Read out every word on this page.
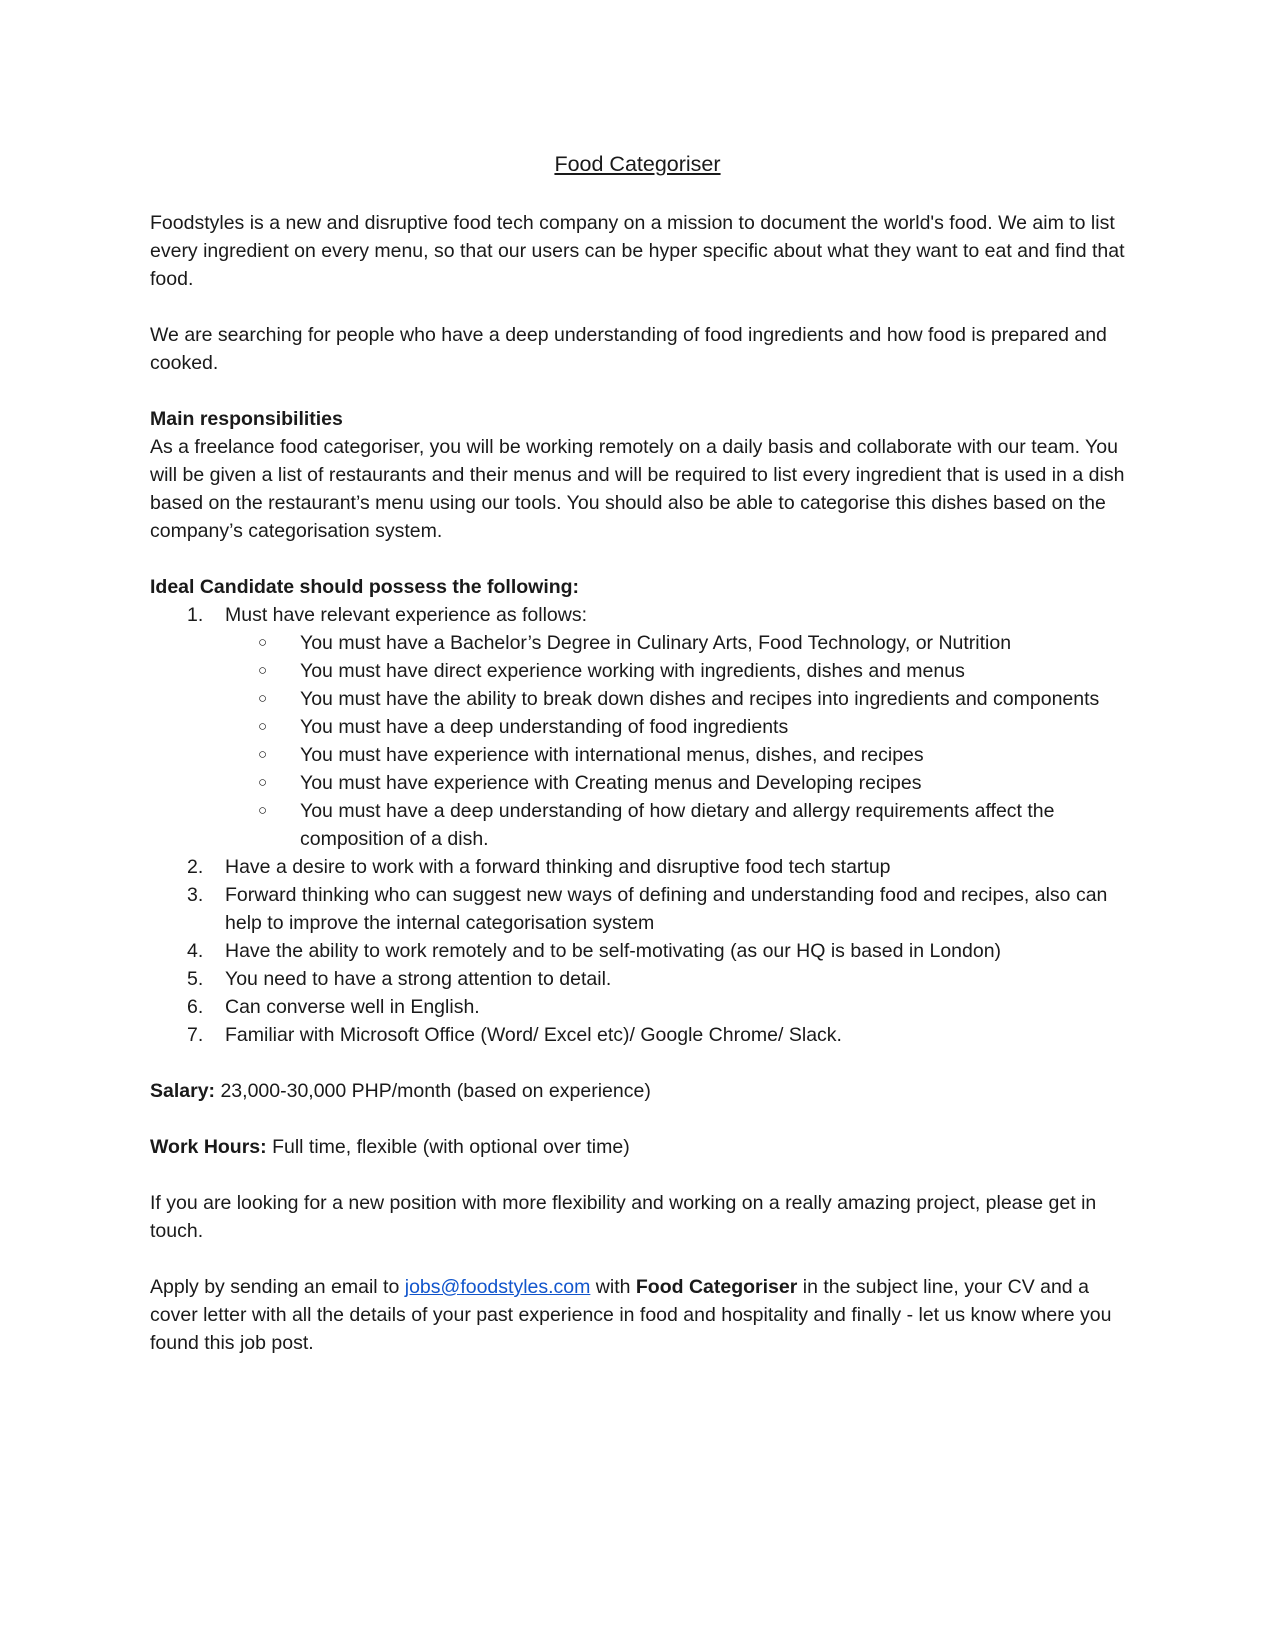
Food Categoriser

Foodstyles is a new and disruptive food tech company on a mission to document the world's food. We aim to list every ingredient on every menu, so that our users can be hyper specific about what they want to eat and find that food.

We are searching for people who have a deep understanding of food ingredients and how food is prepared and cooked.

Main responsibilities
As a freelance food categoriser, you will be working remotely on a daily basis and collaborate with our team. You will be given a list of restaurants and their menus and will be required to list every ingredient that is used in a dish based on the restaurant’s menu using our tools. You should also be able to categorise this dishes based on the company’s categorisation system.
Ideal Candidate should possess the following:
1. Must have relevant experience as follows:
○	You must have a Bachelor’s Degree in Culinary Arts, Food Technology, or Nutrition
○	You must have direct experience working with ingredients, dishes and menus
○	You must have the ability to break down dishes and recipes into ingredients and components
○	You must have a deep understanding of food ingredients
○	You must have experience with international menus, dishes, and recipes
○	You must have experience with Creating menus and Developing recipes
○	You must have a deep understanding of how dietary and allergy requirements affect the composition of a dish.
2. Have a desire to work with a forward thinking and disruptive food tech startup
3. Forward thinking who can suggest new ways of defining and understanding food and recipes, also can help to improve the internal categorisation system
4. Have the ability to work remotely and to be self-motivating (as our HQ is based in London)
5. You need to have a strong attention to detail.
6. Can converse well in English.
7. Familiar with Microsoft Office (Word/ Excel etc)/ Google Chrome/ Slack.

Salary: 23,000-30,000 PHP/month (based on experience)

Work Hours: Full time, flexible (with optional over time)

If you are looking for a new position with more flexibility and working on a really amazing project, please get in touch.

Apply by sending an email to jobs@foodstyles.com with Food Categoriser in the subject line, your CV and a cover letter with all the details of your past experience in food and hospitality and finally - let us know where you found this job post.
